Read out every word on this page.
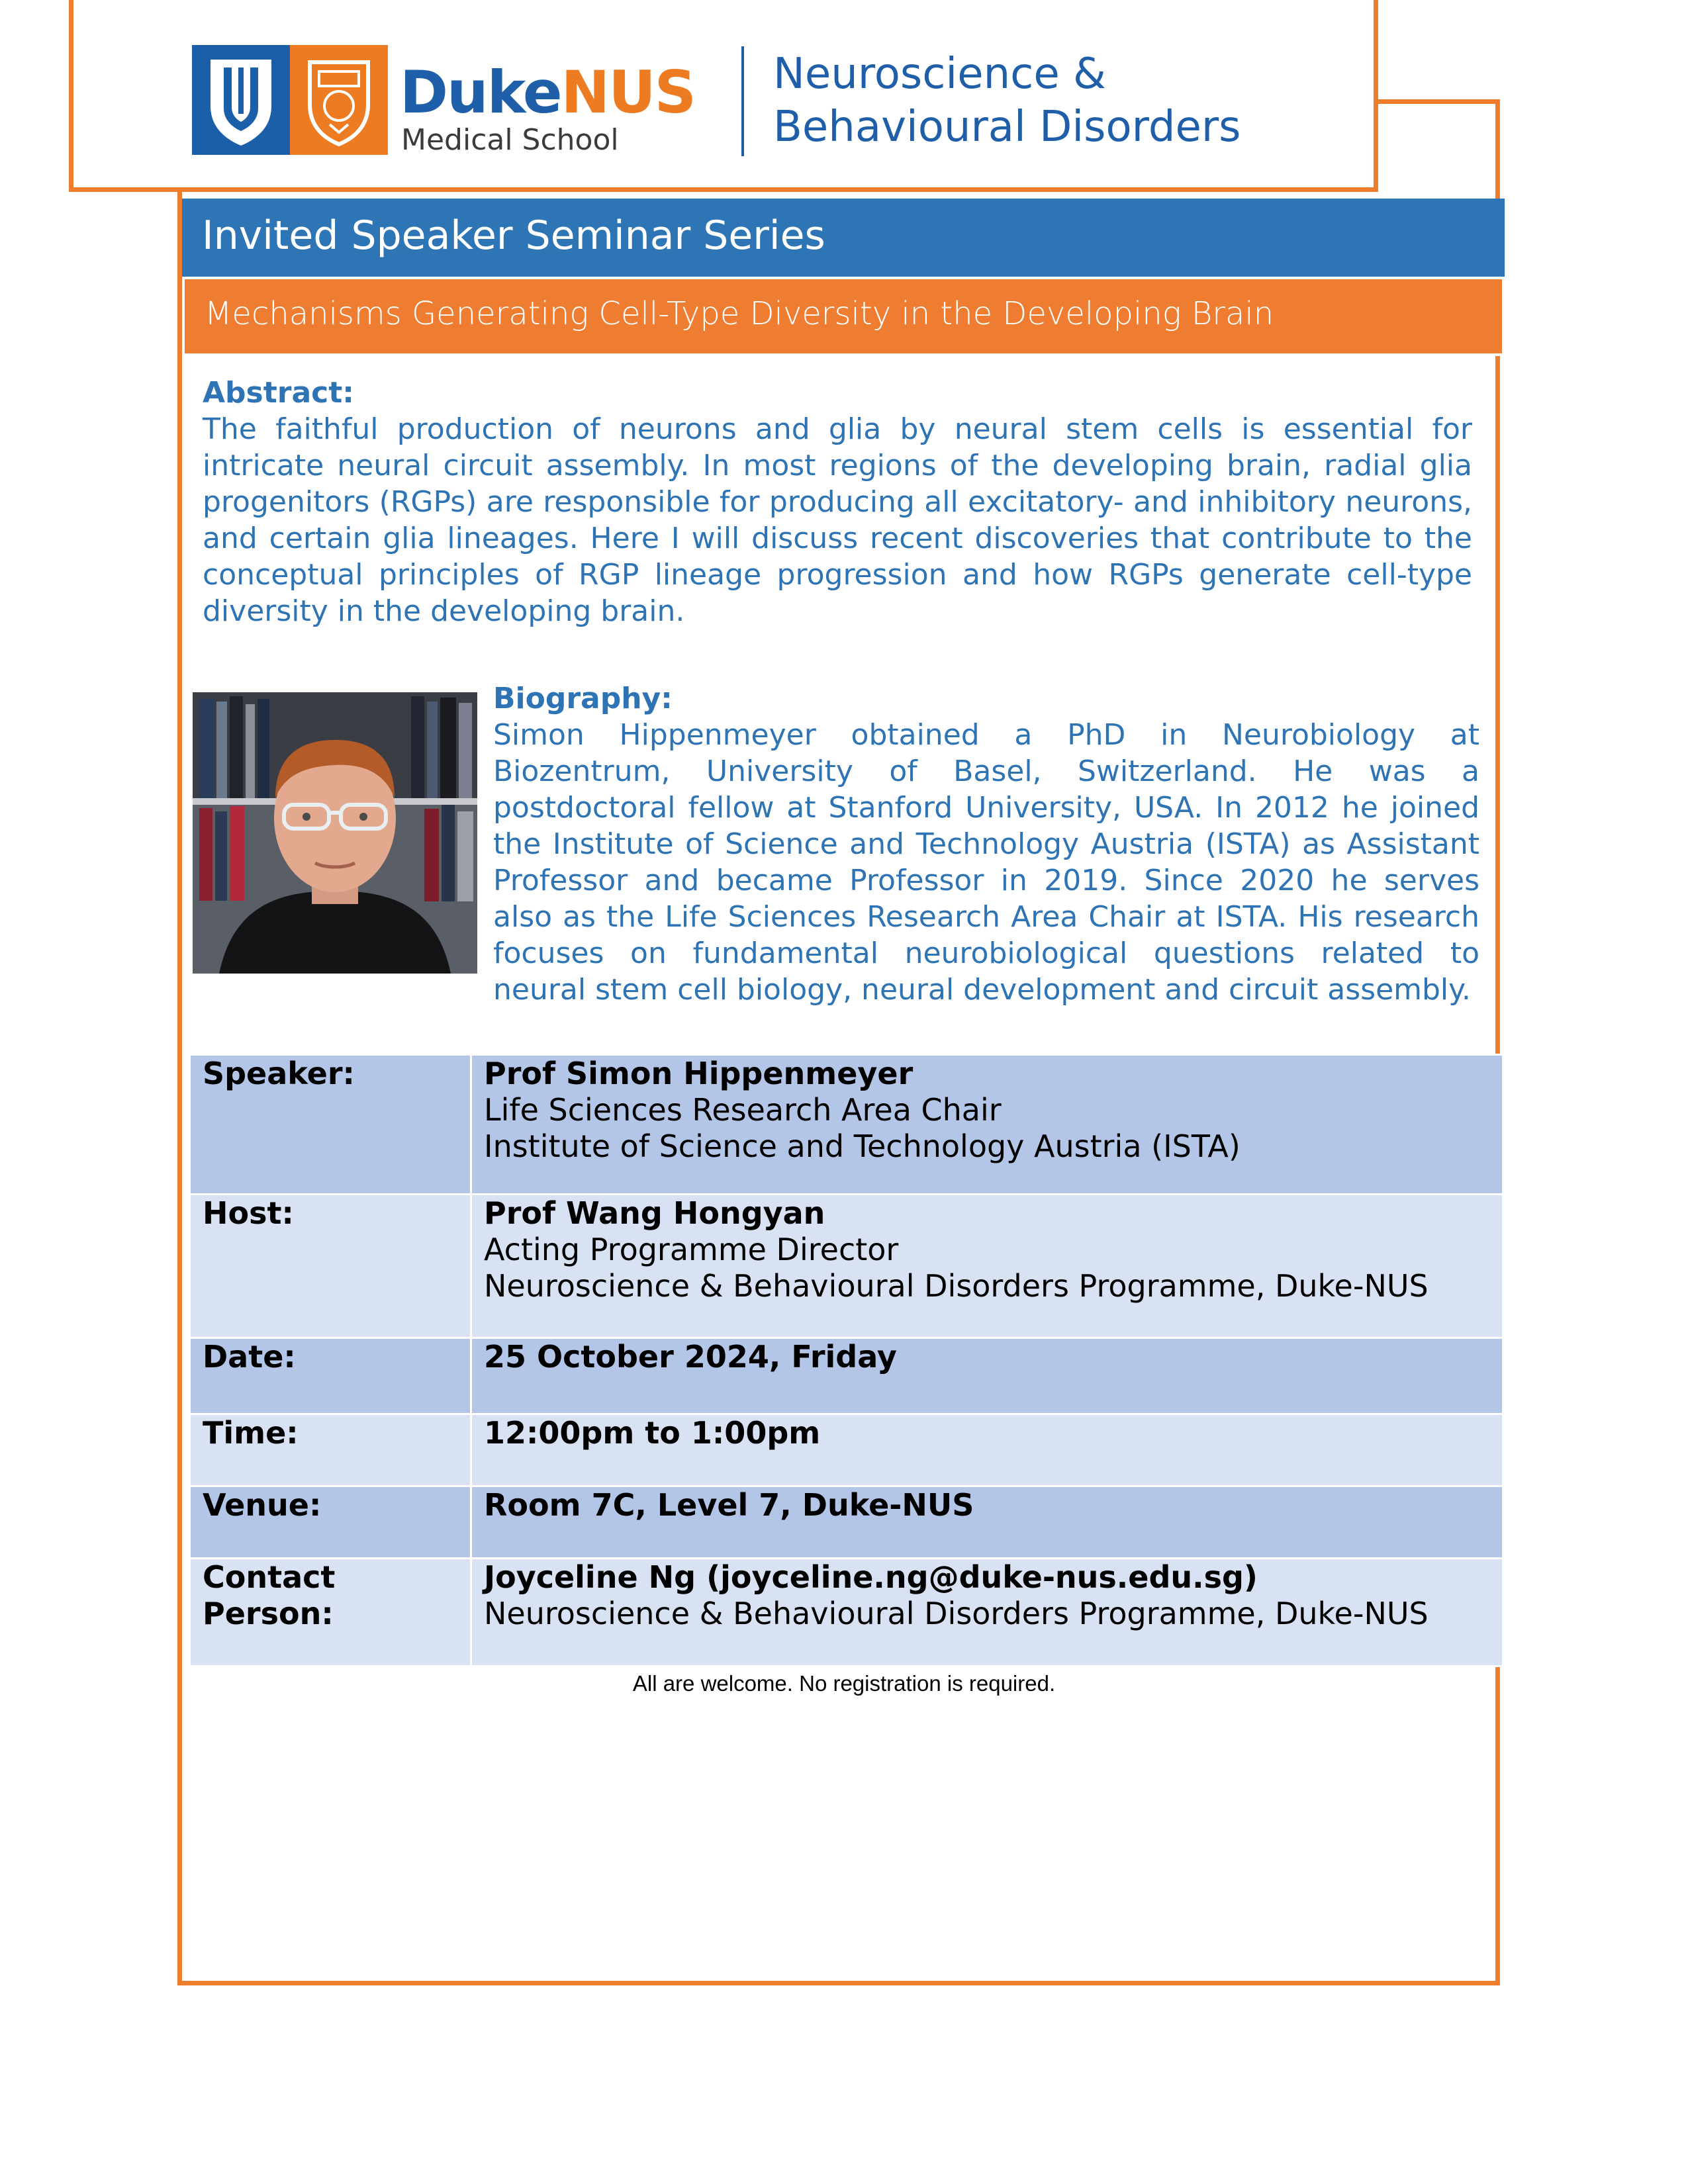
DukeNUS
Medical School
Neuroscience &
Behavioural Disorders
Invited Speaker Seminar Series
Mechanisms Generating Cell-Type Diversity in the Developing Brain
Abstract:
The faithful production of neurons and glia by neural stem cells is essential for intricate neural circuit assembly. In most regions of the developing brain, radial glia progenitors (RGPs) are responsible for producing all excitatory- and inhibitory neurons, and certain glia lineages. Here I will discuss recent discoveries that contribute to the conceptual principles of RGP lineage progression and how RGPs generate cell-type diversity in the developing brain.
Biography:
Simon Hippenmeyer obtained a PhD in Neurobiology at Biozentrum, University of Basel, Switzerland. He was a postdoctoral fellow at Stanford University, USA. In 2012 he joined the Institute of Science and Technology Austria (ISTA) as Assistant Professor and became Professor in 2019. Since 2020 he serves also as the Life Sciences Research Area Chair at ISTA. His research focuses on fundamental neurobiological questions related to neural stem cell biology, neural development and circuit assembly.
Speaker:	Prof Simon Hippenmeyer
Life Sciences Research Area Chair
Institute of Science and Technology Austria (ISTA)

Host:	Prof Wang Hongyan
Acting Programme Director
Neuroscience & Behavioural Disorders Programme, Duke-NUS

Date:	25 October 2024, Friday
Time:	12:00pm to 1:00pm
Venue:	Room 7C, Level 7, Duke-NUS
Contact Person:	Joyceline Ng (joyceline.ng@duke-nus.edu.sg)
Neuroscience & Behavioural Disorders Programme, Duke-NUS
All are welcome. No registration is required.
